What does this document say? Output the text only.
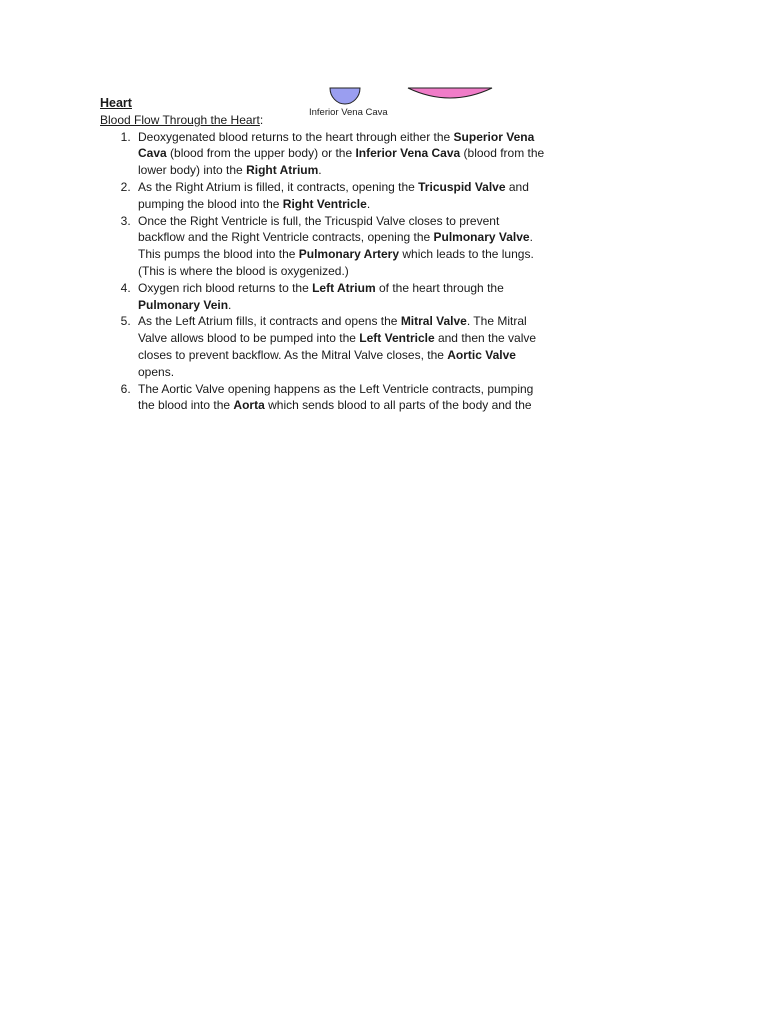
Inferior Vena Cava

Heart

Blood Flow Through the Heart:

1. Deoxygenated blood returns to the heart through either the Superior Vena Cava (blood from the upper body) or the Inferior Vena Cava (blood from the lower body) into the Right Atrium.
2. As the Right Atrium is filled, it contracts, opening the Tricuspid Valve and pumping the blood into the Right Ventricle.
3. Once the Right Ventricle is full, the Tricuspid Valve closes to prevent backflow and the Right Ventricle contracts, opening the Pulmonary Valve. This pumps the blood into the Pulmonary Artery which leads to the lungs. (This is where the blood is oxygenized.)
4. Oxygen rich blood returns to the Left Atrium of the heart through the Pulmonary Vein.
5. As the Left Atrium fills, it contracts and opens the Mitral Valve. The Mitral Valve allows blood to be pumped into the Left Ventricle and then the valve closes to prevent backflow. As the Mitral Valve closes, the Aortic Valve opens.
6. The Aortic Valve opening happens as the Left Ventricle contracts, pumping the blood into the Aorta which sends blood to all parts of the body and the
